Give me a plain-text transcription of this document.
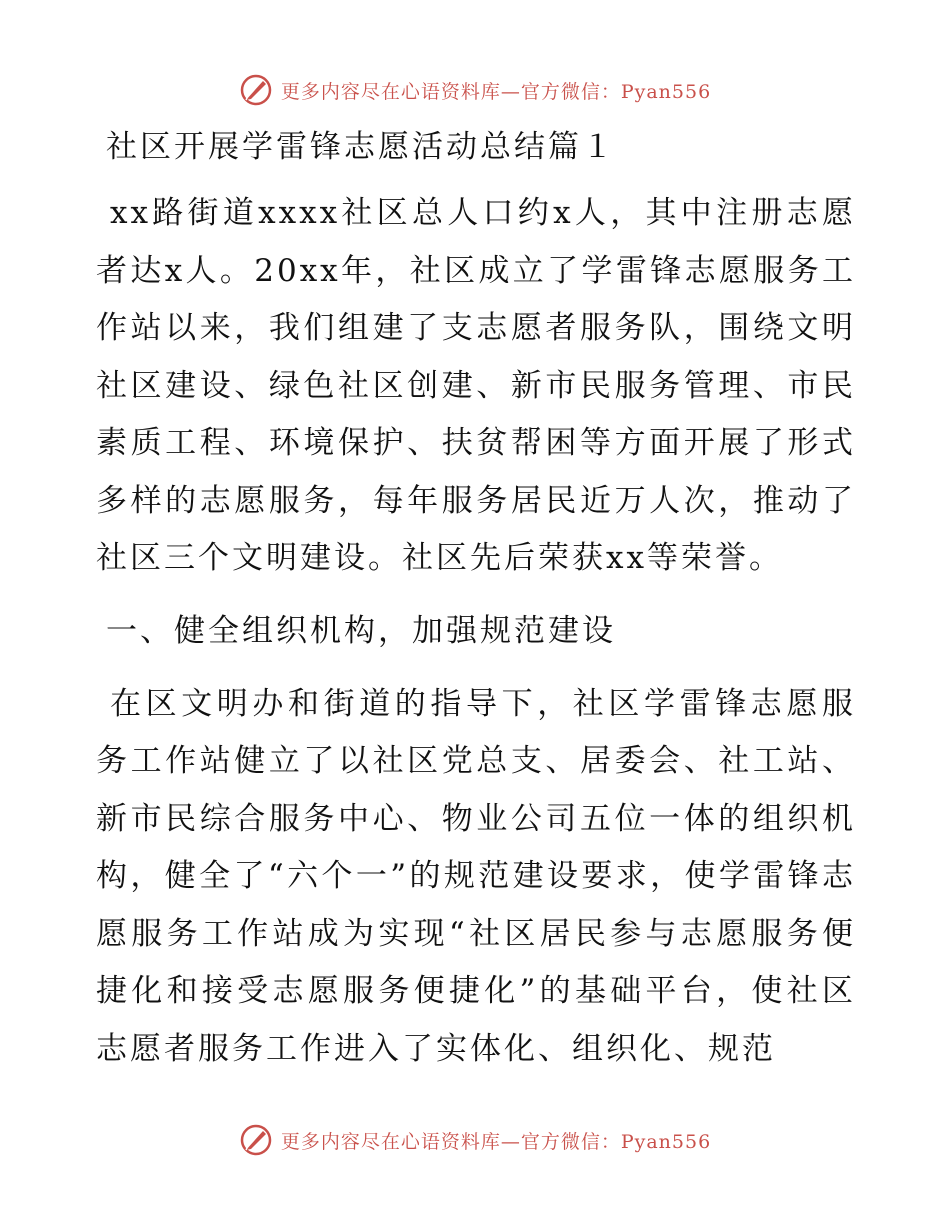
更多内容尽在心语资料库—官方微信：Pyan556
社区开展学雷锋志愿活动总结篇１
xx路街道xxxx社区总人口约x人，其中注册志愿者达x人。20xx年，社区成立了学雷锋志愿服务工作站以来，我们组建了支志愿者服务队，围绕文明社区建设、绿色社区创建、新市民服务管理、市民素质工程、环境保护、扶贫帮困等方面开展了形式多样的志愿服务，每年服务居民近万人次，推动了社区三个文明建设。社区先后荣获xx等荣誉。
一、健全组织机构，加强规范建设
在区文明办和街道的指导下，社区学雷锋志愿服务工作站健立了以社区党总支、居委会、社工站、新市民综合服务中心、物业公司五位一体的组织机构，健全了“六个一”的规范建设要求，使学雷锋志愿服务工作站成为实现“社区居民参与志愿服务便捷化和接受志愿服务便捷化”的基础平台，使社区志愿者服务工作进入了实体化、组织化、规范
更多内容尽在心语资料库—官方微信：Pyan556
